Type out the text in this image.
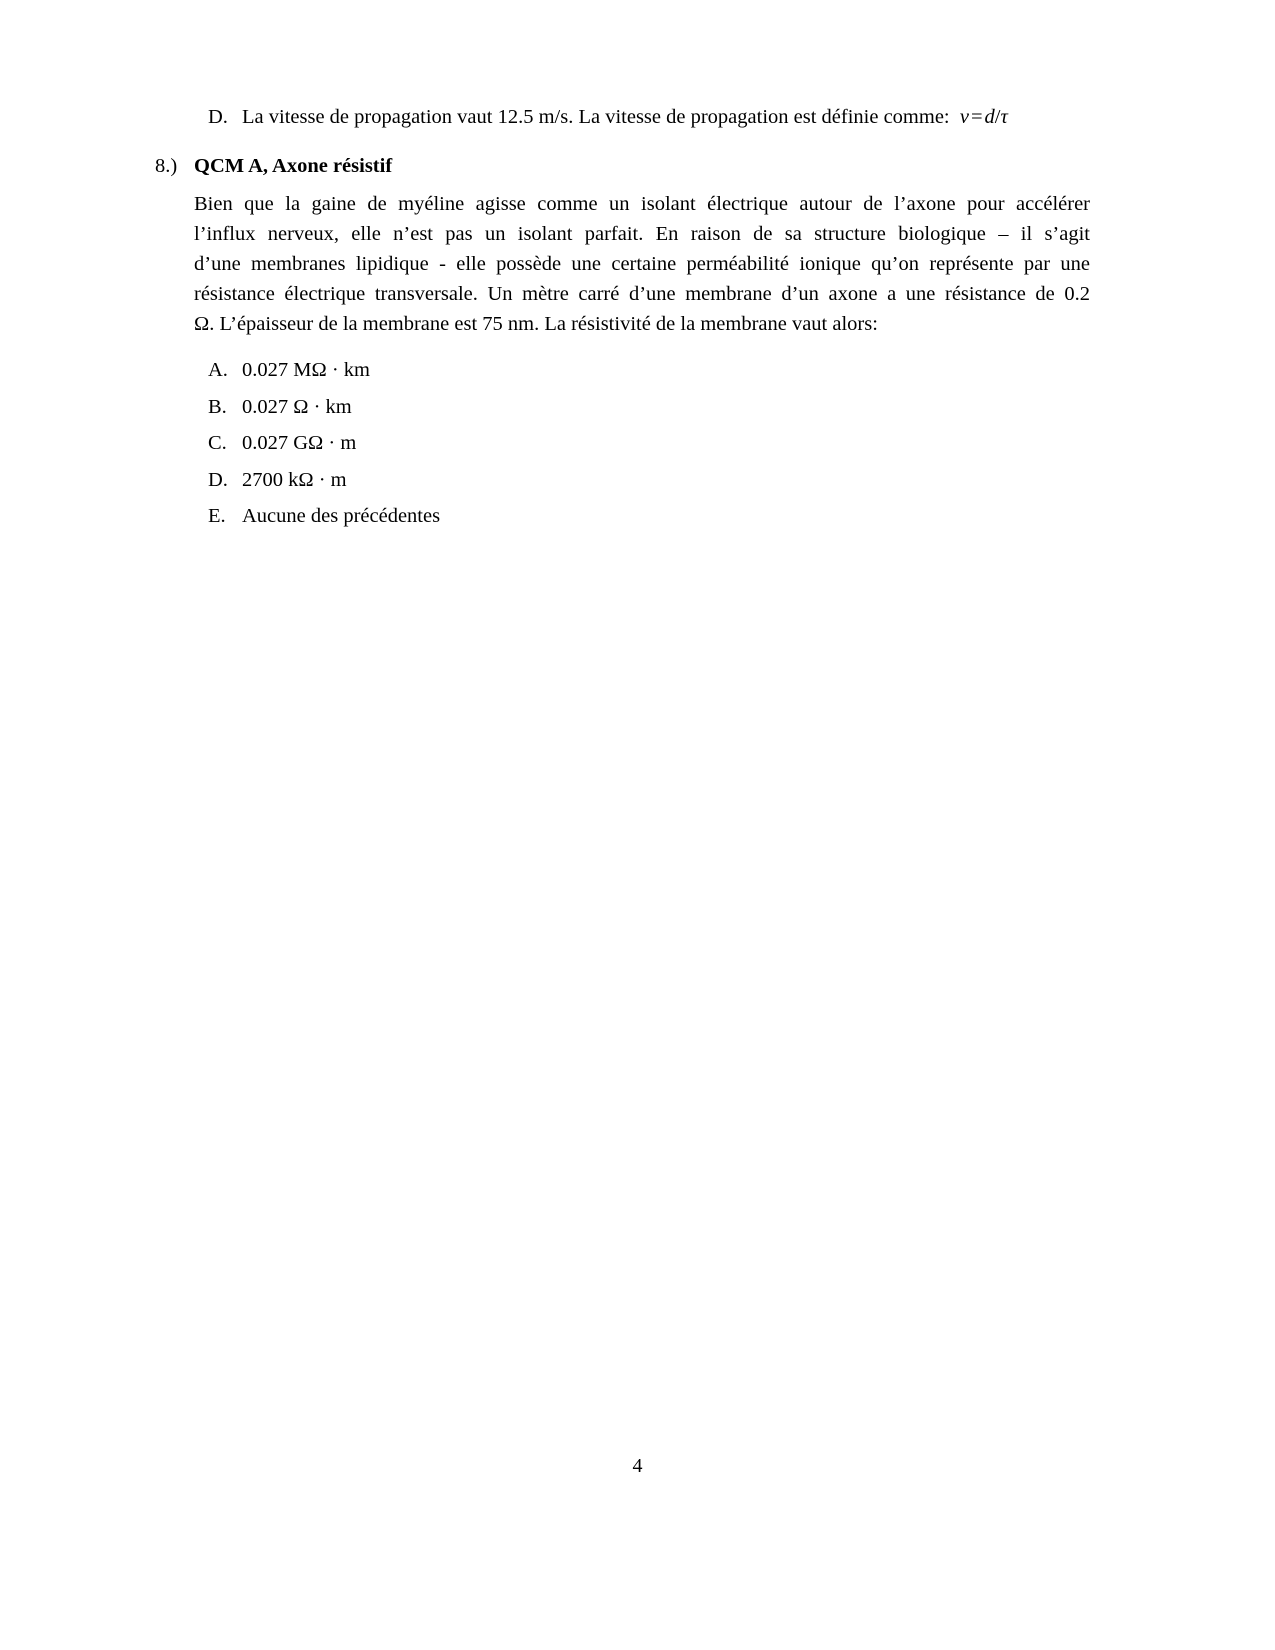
D. La vitesse de propagation vaut 12.5 m/s. La vitesse de propagation est définie comme: v=d/τ
8.) QCM A, Axone résistif
Bien que la gaine de myéline agisse comme un isolant électrique autour de l’axone pour accélérer
l’influx nerveux, elle n’est pas un isolant parfait. En raison de sa structure biologique – il s’agit
d’une membranes lipidique - elle possède une certaine perméabilité ionique qu’on représente par une
résistance électrique transversale. Un mètre carré d’une membrane d’un axone a une résistance de 0.2
Ω. L’épaisseur de la membrane est 75 nm. La résistivité de la membrane vaut alors:
A. 0.027 MΩ · km
B. 0.027 Ω · km
C. 0.027 GΩ · m
D. 2700 kΩ · m
E. Aucune des précédentes
4
